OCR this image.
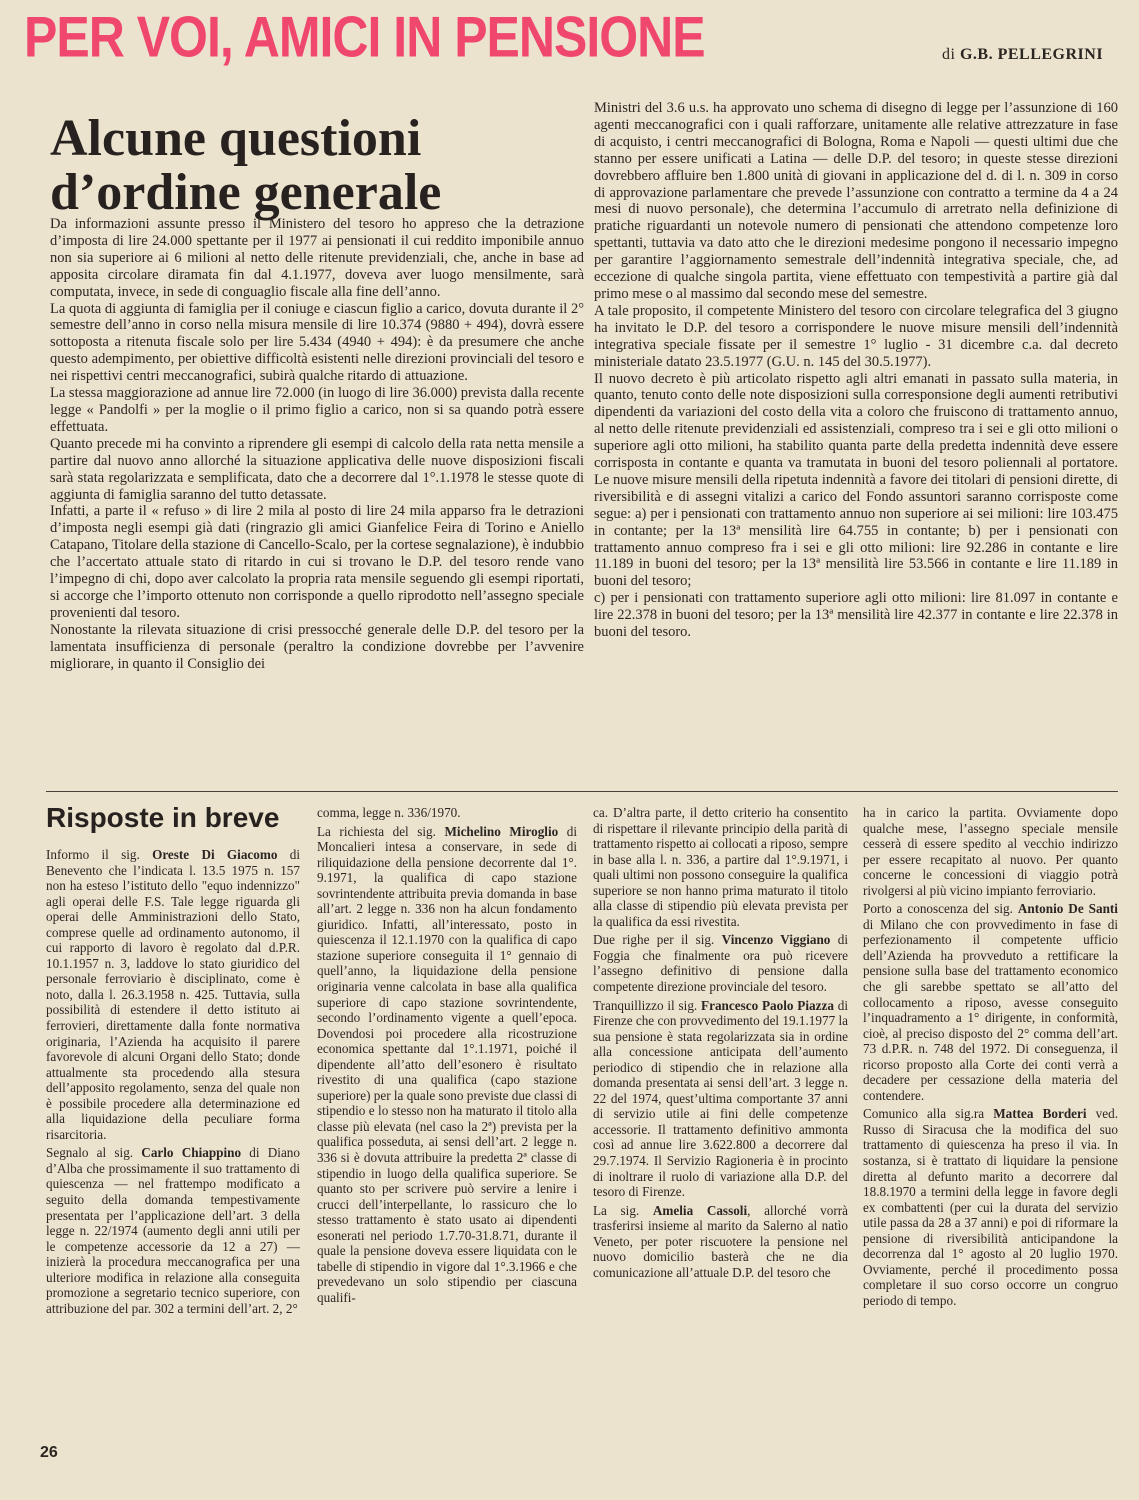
PER VOI, AMICI IN PENSIONE	di G.B. PELLEGRINI
Alcune questioni d’ordine generale

Da informazioni assunte presso il Ministero del tesoro ho appreso che la detrazione d’imposta di lire 24.000 spettante per il 1977 ai pensionati il cui reddito imponibile annuo non sia superiore ai 6 milioni al netto delle ritenute previdenziali, che, anche in base ad apposita circolare diramata fin dal 4.1.1977, doveva aver luogo mensilmente, sarà computata, invece, in sede di conguaglio fiscale alla fine dell’anno.

La quota di aggiunta di famiglia per il coniuge e ciascun figlio a carico, dovuta durante il 2° semestre dell’anno in corso nella misura mensile di lire 10.374 (9880 + 494), dovrà essere sottoposta a ritenuta fiscale solo per lire 5.434 (4940 + 494): è da presumere che anche questo adempimento, per obiettive difficoltà esistenti nelle direzioni provinciali del tesoro e nei rispettivi centri meccanografici, subirà qualche ritardo di attuazione.

La stessa maggiorazione ad annue lire 72.000 (in luogo di lire 36.000) prevista dalla recente legge « Pandolfi » per la moglie o il primo figlio a carico, non si sa quando potrà essere effettuata.

Quanto precede mi ha convinto a riprendere gli esempi di calcolo della rata netta mensile a partire dal nuovo anno allorché la situazione applicativa delle nuove disposizioni fiscali sarà stata regolarizzata e semplificata, dato che a decorrere dal 1°.1.1978 le stesse quote di aggiunta di famiglia saranno del tutto detassate.

Infatti, a parte il « refuso » di lire 2 mila al posto di lire 24 mila apparso fra le detrazioni d’imposta negli esempi già dati (ringrazio gli amici Gianfelice Feira di Torino e Aniello Catapano, Titolare della stazione di Cancello-Scalo, per la cortese segnalazione), è indubbio che l’accertato attuale stato di ritardo in cui si trovano le D.P. del tesoro rende vano l’impegno di chi, dopo aver calcolato la propria rata mensile seguendo gli esempi riportati, si accorge che l’importo ottenuto non corrisponde a quello riprodotto nell’assegno speciale provenienti dal tesoro.

Nonostante la rilevata situazione di crisi pressocché generale delle D.P. del tesoro per la lamentata insufficienza di personale (peraltro la condizione dovrebbe per l’avvenire migliorare, in quanto il Consiglio dei

Ministri del 3.6 u.s. ha approvato uno schema di disegno di legge per l’assunzione di 160 agenti meccanografici con i quali rafforzare, unitamente alle relative attrezzature in fase di acquisto, i centri meccanografici di Bologna, Roma e Napoli — questi ultimi due che stanno per essere unificati a Latina — delle D.P. del tesoro; in queste stesse direzioni dovrebbero affluire ben 1.800 unità di giovani in applicazione del d. di l. n. 309 in corso di approvazione parlamentare che prevede l’assunzione con contratto a termine da 4 a 24 mesi di nuovo personale), che determina l’accumulo di arretrato nella definizione di pratiche riguardanti un notevole numero di pensionati che attendono competenze loro spettanti, tuttavia va dato atto che le direzioni medesime pongono il necessario impegno per garantire l’aggiornamento semestrale dell’indennità integrativa speciale, che, ad eccezione di qualche singola partita, viene effettuato con tempestività a partire già dal primo mese o al massimo dal secondo mese del semestre.

A tale proposito, il competente Ministero del tesoro con circolare telegrafica del 3 giugno ha invitato le D.P. del tesoro a corrispondere le nuove misure mensili dell’indennità integrativa speciale fissate per il semestre 1° luglio - 31 dicembre c.a. dal decreto ministeriale datato 23.5.1977 (G.U. n. 145 del 30.5.1977).

Il nuovo decreto è più articolato rispetto agli altri emanati in passato sulla materia, in quanto, tenuto conto delle note disposizioni sulla corresponsione degli aumenti retributivi dipendenti da variazioni del costo della vita a coloro che fruiscono di trattamento annuo, al netto delle ritenute previdenziali ed assistenziali, compreso tra i sei e gli otto milioni o superiore agli otto milioni, ha stabilito quanta parte della predetta indennità deve essere corrisposta in contante e quanta va tramutata in buoni del tesoro poliennali al portatore. Le nuove misure mensili della ripetuta indennità a favore dei titolari di pensioni dirette, di riversibilità e di assegni vitalizi a carico del Fondo assuntori saranno corrisposte come segue: a) per i pensionati con trattamento annuo non superiore ai sei milioni: lire 103.475 in contante; per la 13ª mensilità lire 64.755 in contante; b) per i pensionati con trattamento annuo compreso fra i sei e gli otto milioni: lire 92.286 in contante e lire 11.189 in buoni del tesoro; per la 13ª mensilità lire 53.566 in contante e lire 11.189 in buoni del tesoro;

c) per i pensionati con trattamento superiore agli otto milioni: lire 81.097 in contante e lire 22.378 in buoni del tesoro; per la 13ª mensilità lire 42.377 in contante e lire 22.378 in buoni del tesoro.

Risposte in breve

Informo il sig. Oreste Di Giacomo di Benevento che l’indicata l. 13.5 1975 n. 157 non ha esteso l’istituto dello "equo indennizzo" agli operai delle F.S. Tale legge riguarda gli operai delle Amministrazioni dello Stato, comprese quelle ad ordinamento autonomo, il cui rapporto di lavoro è regolato dal d.P.R. 10.1.1957 n. 3, laddove lo stato giuridico del personale ferroviario è disciplinato, come è noto, dalla l. 26.3.1958 n. 425. Tuttavia, sulla possibilità di estendere il detto istituto ai ferrovieri, direttamente dalla fonte normativa originaria, l’Azienda ha acquisito il parere favorevole di alcuni Organi dello Stato; donde attualmente sta procedendo alla stesura dell’apposito regolamento, senza del quale non è possibile procedere alla determinazione ed alla liquidazione della peculiare forma risarcitoria.

Segnalo al sig. Carlo Chiappino di Diano d’Alba che prossimamente il suo trattamento di quiescenza — nel frattempo modificato a seguito della domanda tempestivamente presentata per l’applicazione dell’art. 3 della legge n. 22/1974 (aumento degli anni utili per le competenze accessorie da 12 a 27) — inizierà la procedura meccanografica per una ulteriore modifica in relazione alla conseguita promozione a segretario tecnico superiore, con attribuzione del par. 302 a termini dell’art. 2, 2°

comma, legge n. 336/1970.

La richiesta del sig. Michelino Miroglio di Moncalieri intesa a conservare, in sede di riliquidazione della pensione decorrente dal 1°. 9.1971, la qualifica di capo stazione sovrintendente attribuita previa domanda in base all’art. 2 legge n. 336 non ha alcun fondamento giuridico. Infatti, all’interessato, posto in quiescenza il 12.1.1970 con la qualifica di capo stazione superiore conseguita il 1° gennaio di quell’anno, la liquidazione della pensione originaria venne calcolata in base alla qualifica superiore di capo stazione sovrintendente, secondo l’ordinamento vigente a quell’epoca. Dovendosi poi procedere alla ricostruzione economica spettante dal 1°.1.1971, poiché il dipendente all’atto dell’esonero è risultato rivestito di una qualifica (capo stazione superiore) per la quale sono previste due classi di stipendio e lo stesso non ha maturato il titolo alla classe più elevata (nel caso la 2ª) prevista per la qualifica posseduta, ai sensi dell’art. 2 legge n. 336 si è dovuta attribuire la predetta 2ª classe di stipendio in luogo della qualifica superiore. Se quanto sto per scrivere può servire a lenire i crucci dell’interpellante, lo rassicuro che lo stesso trattamento è stato usato ai dipendenti esonerati nel periodo 1.7.70-31.8.71, durante il quale la pensione doveva essere liquidata con le tabelle di stipendio in vigore dal 1°.3.1966 e che prevedevano un solo stipendio per ciascuna qualifi-

ca. D’altra parte, il detto criterio ha consentito di rispettare il rilevante principio della parità di trattamento rispetto ai collocati a riposo, sempre in base alla l. n. 336, a partire dal 1°.9.1971, i quali ultimi non possono conseguire la qualifica superiore se non hanno prima maturato il titolo alla classe di stipendio più elevata prevista per la qualifica da essi rivestita.

Due righe per il sig. Vincenzo Viggiano di Foggia che finalmente ora può ricevere l’assegno definitivo di pensione dalla competente direzione provinciale del tesoro.

Tranquillizzo il sig. Francesco Paolo Piazza di Firenze che con provvedimento del 19.1.1977 la sua pensione è stata regolarizzata sia in ordine alla concessione anticipata dell’aumento periodico di stipendio che in relazione alla domanda presentata ai sensi dell’art. 3 legge n. 22 del 1974, quest’ultima comportante 37 anni di servizio utile ai fini delle competenze accessorie. Il trattamento definitivo ammonta così ad annue lire 3.622.800 a decorrere dal 29.7.1974. Il Servizio Ragioneria è in procinto di inoltrare il ruolo di variazione alla D.P. del tesoro di Firenze.

La sig. Amelia Cassoli, allorché vorrà trasferirsi insieme al marito da Salerno al natìo Veneto, per poter riscuotere la pensione nel nuovo domicilio basterà che ne dia comunicazione all’attuale D.P. del tesoro che

ha in carico la partita. Ovviamente dopo qualche mese, l’assegno speciale mensile cesserà di essere spedito al vecchio indirizzo per essere recapitato al nuovo. Per quanto concerne le concessioni di viaggio potrà rivolgersi al più vicino impianto ferroviario.

Porto a conoscenza del sig. Antonio De Santi di Milano che con provvedimento in fase di perfezionamento il competente ufficio dell’Azienda ha provveduto a rettificare la pensione sulla base del trattamento economico che gli sarebbe spettato se all’atto del collocamento a riposo, avesse conseguito l’inquadramento a 1° dirigente, in conformità, cioè, al preciso disposto del 2° comma dell’art. 73 d.P.R. n. 748 del 1972. Di conseguenza, il ricorso proposto alla Corte dei conti verrà a decadere per cessazione della materia del contendere.

Comunico alla sig.ra Mattea Borderi ved. Russo di Siracusa che la modifica del suo trattamento di quiescenza ha preso il via. In sostanza, si è trattato di liquidare la pensione diretta al defunto marito a decorrere dal 18.8.1970 a termini della legge in favore degli ex combattenti (per cui la durata del servizio utile passa da 28 a 37 anni) e poi di riformare la pensione di riversibilità anticipandone la decorrenza dal 1° agosto al 20 luglio 1970. Ovviamente, perché il procedimento possa completare il suo corso occorre un congruo periodo di tempo.

26
